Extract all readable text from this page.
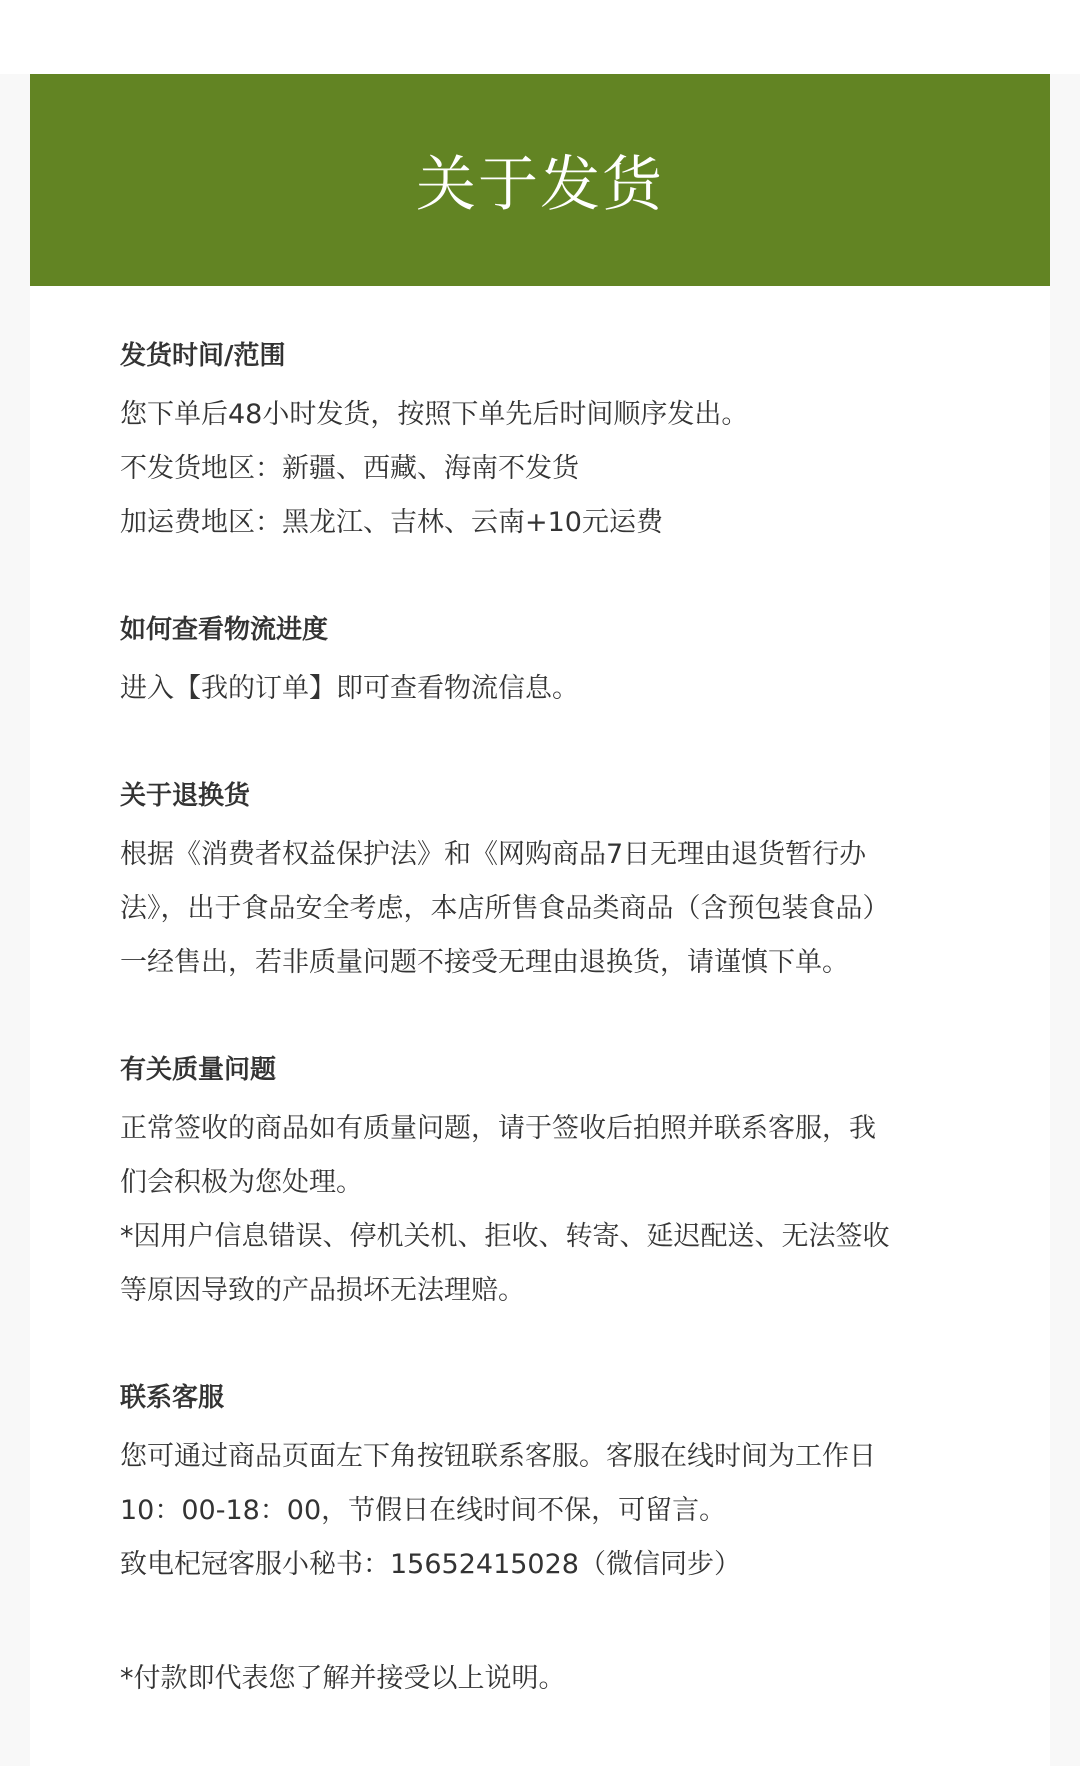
关于发货
发货时间/范围
您下单后48小时发货，按照下单先后时间顺序发出。
不发货地区：新疆、西藏、海南不发货
加运费地区：黑龙江、吉林、云南+10元运费
如何查看物流进度
进入【我的订单】即可查看物流信息。
关于退换货
根据《消费者权益保护法》和《网购商品7日无理由退货暂行办
法》，出于食品安全考虑，本店所售食品类商品（含预包装食品）
一经售出，若非质量问题不接受无理由退换货，请谨慎下单。
有关质量问题
正常签收的商品如有质量问题，请于签收后拍照并联系客服，我
们会积极为您处理。
*因用户信息错误、停机关机、拒收、转寄、延迟配送、无法签收
等原因导致的产品损坏无法理赔。
联系客服
您可通过商品页面左下角按钮联系客服。客服在线时间为工作日
10：00-18：00，节假日在线时间不保，可留言。
致电杞冠客服小秘书：15652415028（微信同步）
*付款即代表您了解并接受以上说明。
